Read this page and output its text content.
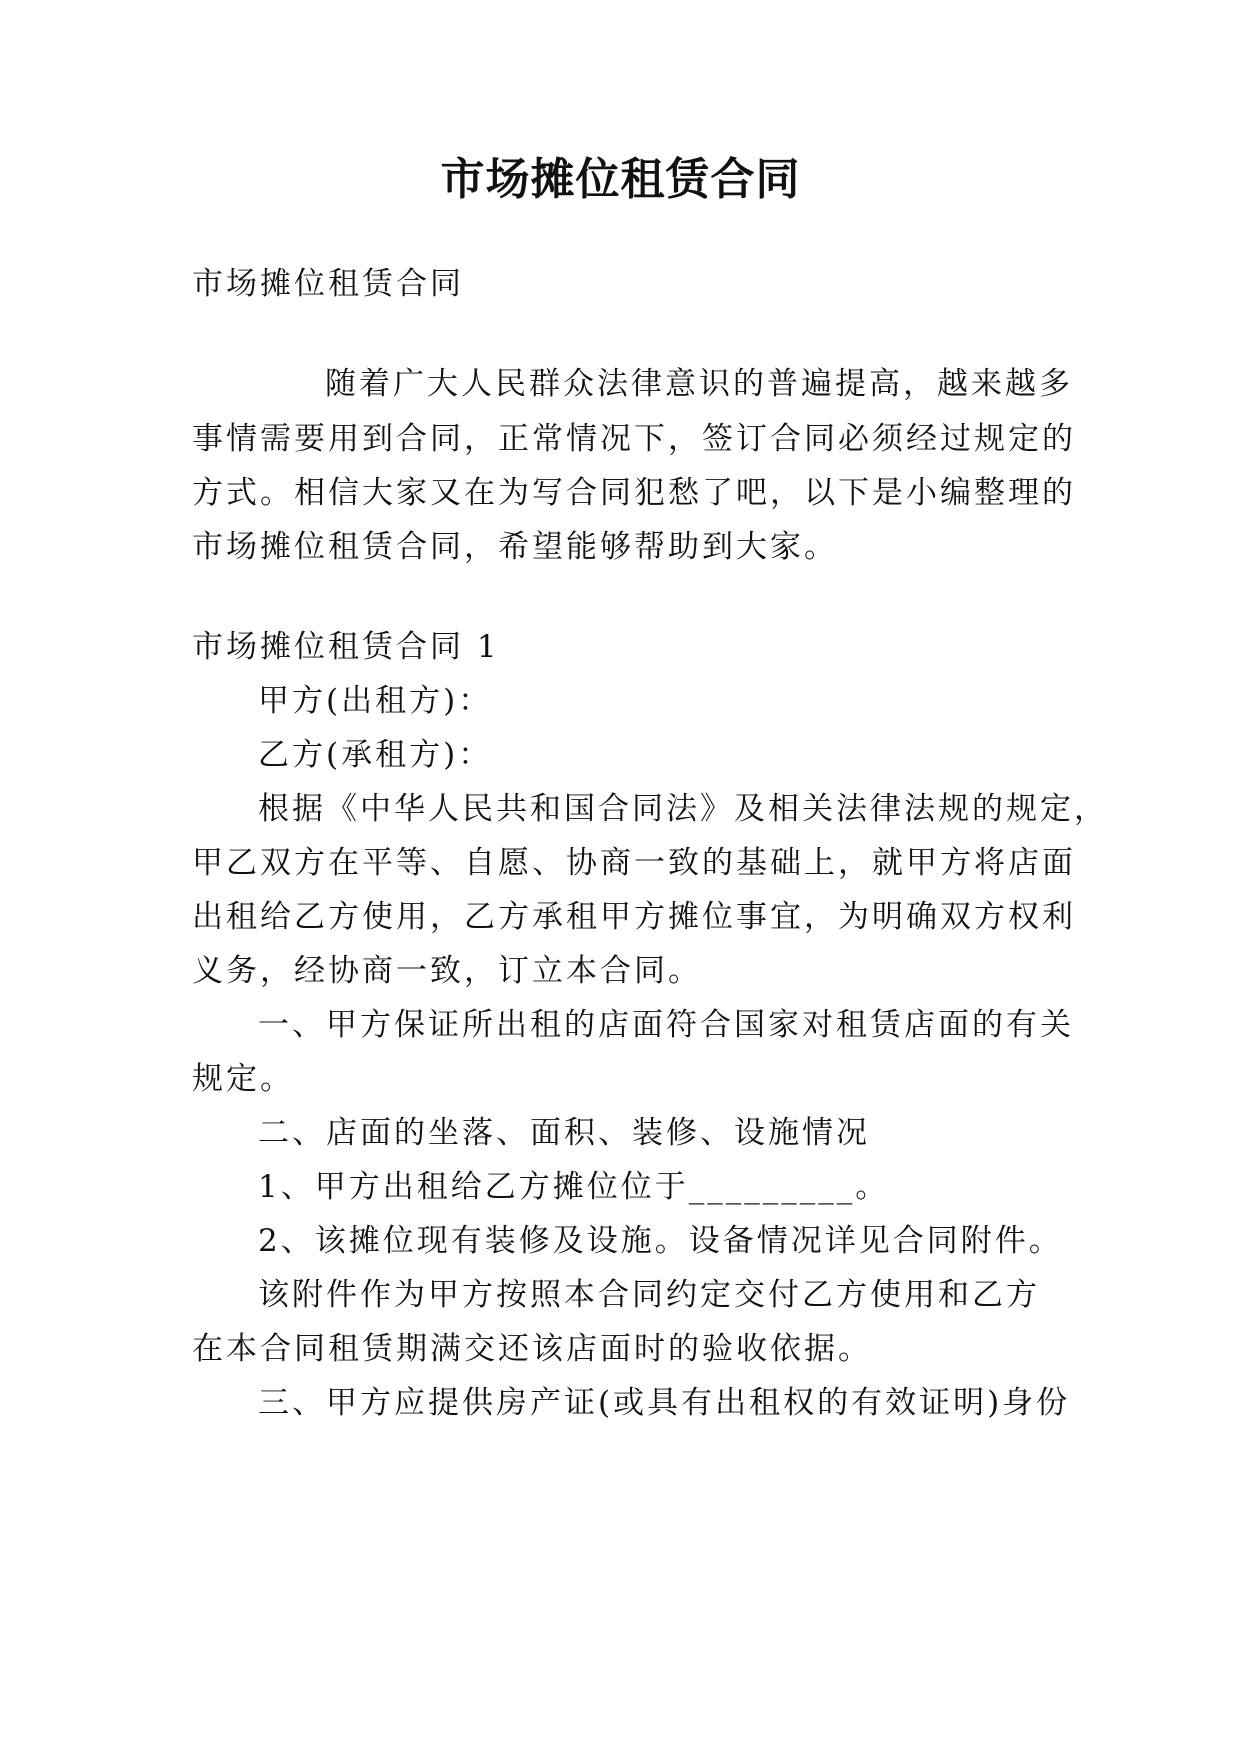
市场摊位租赁合同
市场摊位租赁合同
随着广大人民群众法律意识的普遍提高，越来越多
事情需要用到合同，正常情况下，签订合同必须经过规定的
方式。相信大家又在为写合同犯愁了吧，以下是小编整理的
市场摊位租赁合同，希望能够帮助到大家。
市场摊位租赁合同 1
甲方(出租方)：
乙方(承租方)：
根据《中华人民共和国合同法》及相关法律法规的规定，
甲乙双方在平等、自愿、协商一致的基础上，就甲方将店面
出租给乙方使用，乙方承租甲方摊位事宜，为明确双方权利
义务，经协商一致，订立本合同。
一、甲方保证所出租的店面符合国家对租赁店面的有关
规定。
二、店面的坐落、面积、装修、设施情况
1、甲方出租给乙方摊位位于_________。
2、该摊位现有装修及设施。设备情况详见合同附件。
该附件作为甲方按照本合同约定交付乙方使用和乙方
在本合同租赁期满交还该店面时的验收依据。
三、甲方应提供房产证(或具有出租权的有效证明)身份
